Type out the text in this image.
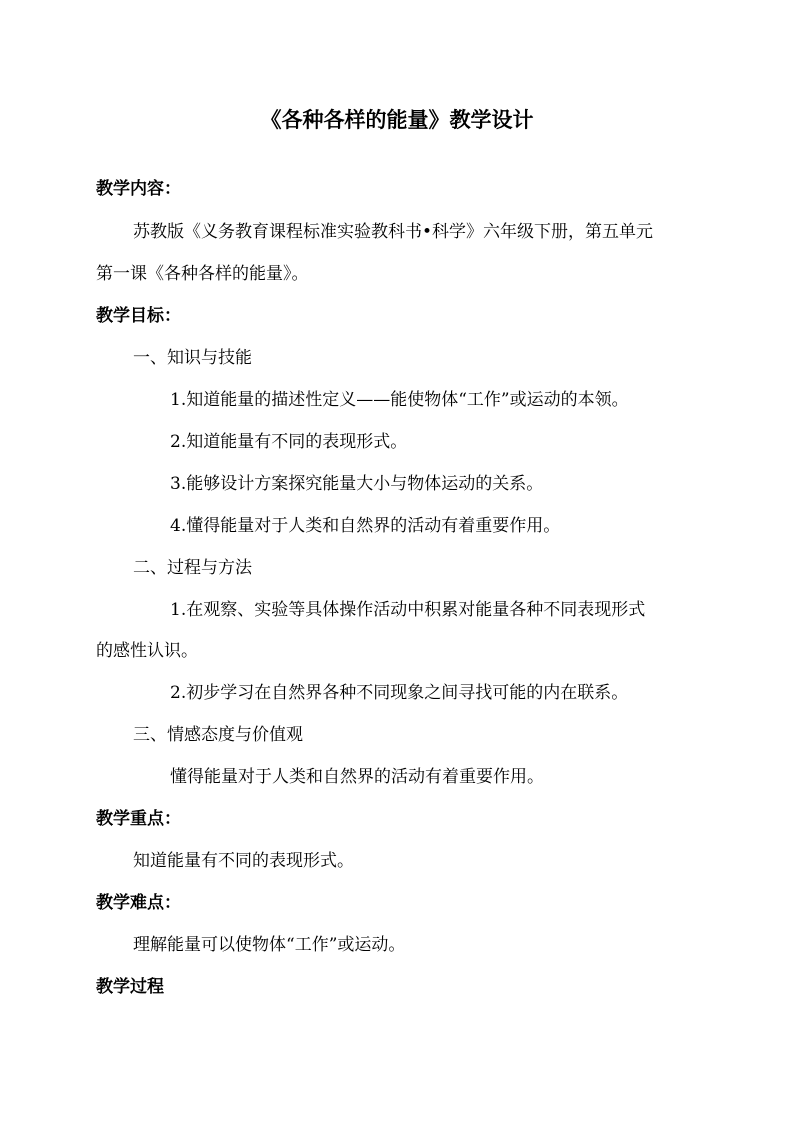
《各种各样的能量》教学设计
教学内容：
苏教版《义务教育课程标准实验教科书•科学》六年级下册，第五单元
第一课《各种各样的能量》。
教学目标：
一、知识与技能
1.知道能量的描述性定义——能使物体“工作”或运动的本领。
2.知道能量有不同的表现形式。
3.能够设计方案探究能量大小与物体运动的关系。
4.懂得能量对于人类和自然界的活动有着重要作用。
二、过程与方法
1.在观察、实验等具体操作活动中积累对能量各种不同表现形式
的感性认识。
2.初步学习在自然界各种不同现象之间寻找可能的内在联系。
三、情感态度与价值观
懂得能量对于人类和自然界的活动有着重要作用。
教学重点：
知道能量有不同的表现形式。
教学难点：
理解能量可以使物体“工作”或运动。
教学过程
